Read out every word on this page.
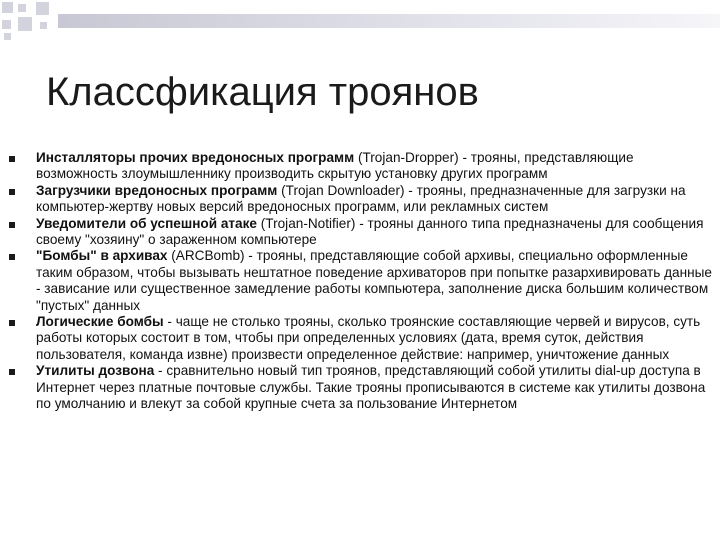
Классфикация троянов
Инсталляторы прочих вредоносных программ (Trojan-Dropper) - трояны, представляющие возможность злоумышленнику производить скрытую установку других программ
Загрузчики вредоносных программ (Trojan Downloader) - трояны, предназначенные для загрузки на компьютер-жертву новых версий вредоносных программ, или рекламных систем
Уведомители об успешной атаке (Trojan-Notifier) - трояны данного типа предназначены для сообщения своему "хозяину" о зараженном компьютере
"Бомбы" в архивах (ARCBomb) - трояны, представляющие собой архивы, специально оформленные таким образом, чтобы вызывать нештатное поведение архиваторов при попытке разархивировать данные - зависание или существенное замедление работы компьютера, заполнение диска большим количеством "пустых" данных
Логические бомбы - чаще не столько трояны, сколько троянские составляющие червей и вирусов, суть работы которых состоит в том, чтобы при определенных условиях (дата, время суток, действия пользователя, команда извне) произвести определенное действие: например, уничтожение данных
Утилиты дозвона - сравнительно новый тип троянов, представляющий собой утилиты dial-up доступа в Интернет через платные почтовые службы. Такие трояны прописываются в системе как утилиты дозвона по умолчанию и влекут за собой крупные счета за пользование Интернетом
